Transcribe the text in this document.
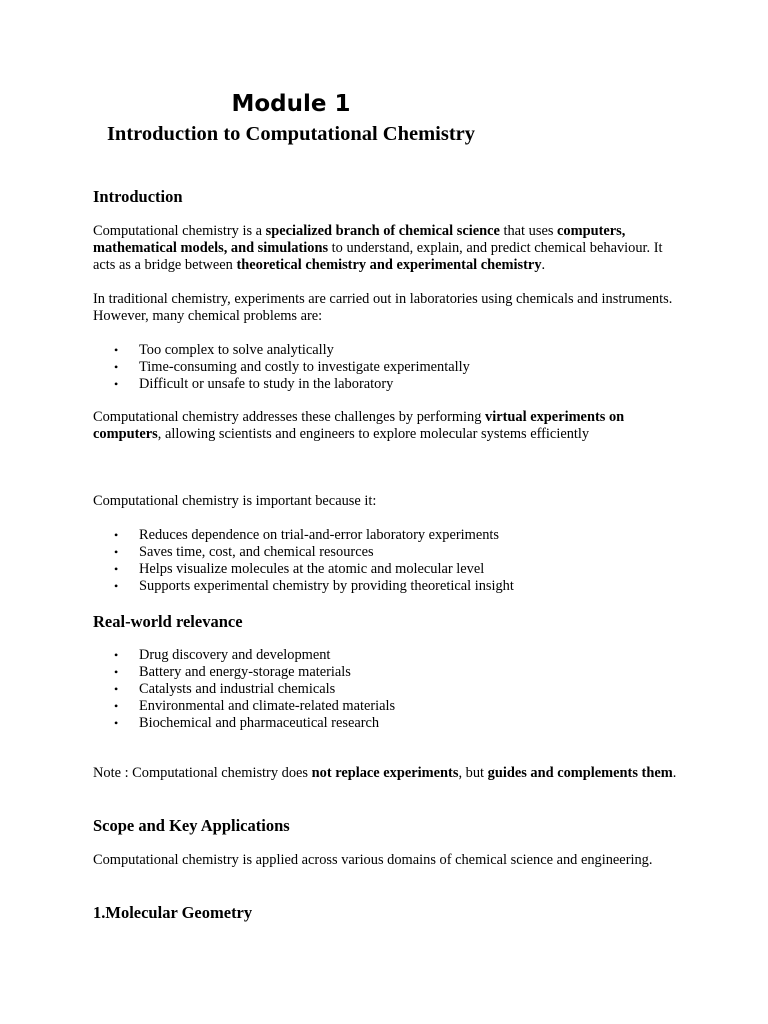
Module 1
Introduction to Computational Chemistry
Introduction

Computational chemistry is a specialized branch of chemical science that uses computers, mathematical models, and simulations to understand, explain, and predict chemical behaviour. It acts as a bridge between theoretical chemistry and experimental chemistry.

In traditional chemistry, experiments are carried out in laboratories using chemicals and instruments. However, many chemical problems are:

• Too complex to solve analytically
• Time-consuming and costly to investigate experimentally
• Difficult or unsafe to study in the laboratory

Computational chemistry addresses these challenges by performing virtual experiments on computers, allowing scientists and engineers to explore molecular systems efficiently

Computational chemistry is important because it:

• Reduces dependence on trial-and-error laboratory experiments
• Saves time, cost, and chemical resources
• Helps visualize molecules at the atomic and molecular level
• Supports experimental chemistry by providing theoretical insight
Real-world relevance
• Drug discovery and development
• Battery and energy-storage materials
• Catalysts and industrial chemicals
• Environmental and climate-related materials
• Biochemical and pharmaceutical research

Note : Computational chemistry does not replace experiments, but guides and complements them.

Scope and Key Applications

Computational chemistry is applied across various domains of chemical science and engineering.

1.Molecular Geometry
